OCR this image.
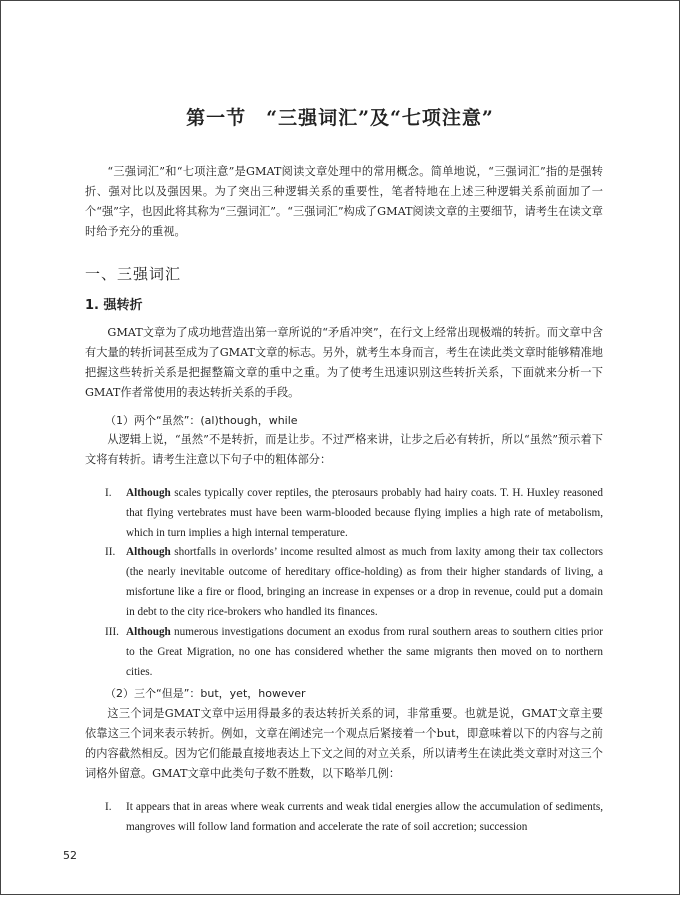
第一节　“三强词汇”及“七项注意”
“三强词汇”和“七项注意”是GMAT阅读文章处理中的常用概念。简单地说，“三强词汇”指的是强转折、强对比以及强因果。为了突出三种逻辑关系的重要性，笔者特地在上述三种逻辑关系前面加了一个“强”字，也因此将其称为“三强词汇”。“三强词汇”构成了GMAT阅读文章的主要细节，请考生在读文章时给予充分的重视。
一、三强词汇
1. 强转折
GMAT文章为了成功地营造出第一章所说的“矛盾冲突”，在行文上经常出现极端的转折。而文章中含有大量的转折词甚至成为了GMAT文章的标志。另外，就考生本身而言，考生在读此类文章时能够精准地把握这些转折关系是把握整篇文章的重中之重。为了使考生迅速识别这些转折关系，下面就来分析一下GMAT作者常使用的表达转折关系的手段。
（1）两个“虽然”：(al)though，while
从逻辑上说，“虽然”不是转折，而是让步。不过严格来讲，让步之后必有转折，所以“虽然”预示着下文将有转折。请考生注意以下句子中的粗体部分：
I. Although scales typically cover reptiles, the pterosaurs probably had hairy coats. T. H. Huxley reasoned that flying vertebrates must have been warm-blooded because flying implies a high rate of metabolism, which in turn implies a high internal temperature.
II. Although shortfalls in overlords’ income resulted almost as much from laxity among their tax collectors (the nearly inevitable outcome of hereditary office-holding) as from their higher standards of living, a misfortune like a fire or flood, bringing an increase in expenses or a drop in revenue, could put a domain in debt to the city rice-brokers who handled its finances.
III. Although numerous investigations document an exodus from rural southern areas to southern cities prior to the Great Migration, no one has considered whether the same migrants then moved on to northern cities.
（2）三个“但是”：but，yet，however
这三个词是GMAT文章中运用得最多的表达转折关系的词，非常重要。也就是说，GMAT文章主要依靠这三个词来表示转折。例如，文章在阐述完一个观点后紧接着一个but，即意味着以下的内容与之前的内容截然相反。因为它们能最直接地表达上下文之间的对立关系，所以请考生在读此类文章时对这三个词格外留意。GMAT文章中此类句子数不胜数，以下略举几例：
I. It appears that in areas where weak currents and weak tidal energies allow the accumulation of sediments, mangroves will follow land formation and accelerate the rate of soil accretion; succession
52
